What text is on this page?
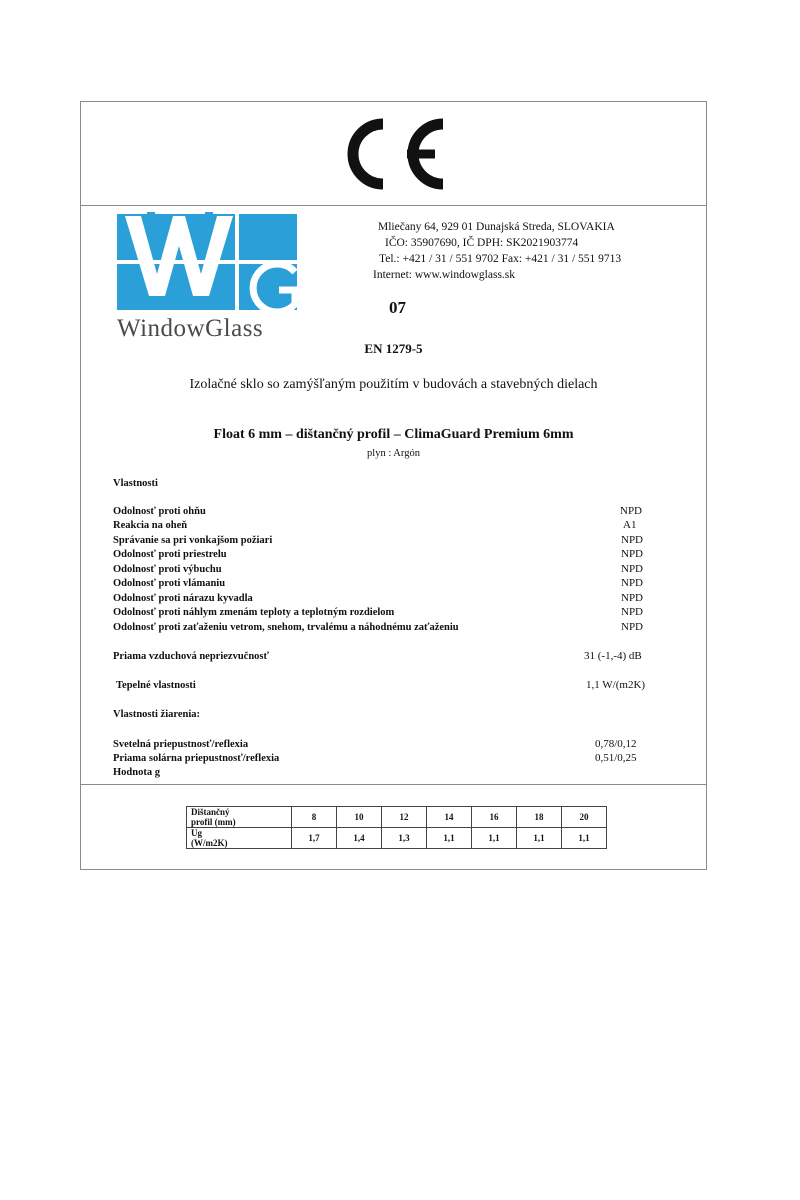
WindowGlass
Mliečany 64, 929 01 Dunajská Streda, SLOVAKIA
IČO: 35907690, IČ DPH: SK2021903774
Tel.: +421 / 31 / 551 9702 Fax: +421 / 31 / 551 9713
Internet: www.windowglass.sk
07
EN 1279-5
Izolačné sklo so zamýšľaným použitím v budovách a stavebných dielach
Float 6 mm – dištančný profil – ClimaGuard Premium 6mm
plyn : Argón
Vlastnosti
Odolnosť proti ohňu	NPD
Reakcia na oheň	A1
Správanie sa pri vonkajšom požiari	NPD
Odolnosť proti priestrelu	NPD
Odolnosť proti výbuchu	NPD
Odolnosť proti vlámaniu	NPD
Odolnosť proti nárazu kyvadla	NPD
Odolnosť proti náhlym zmenám teploty a teplotným rozdielom	NPD
Odolnosť proti zaťaženiu vetrom, snehom, trvalému a náhodnému zaťaženiu	NPD
Priama vzduchová nepriezvučnosť	31 (-1,-4) dB
Tepelné vlastnosti	1,1 W/(m2K)
Vlastnosti žiarenia:
Svetelná priepustnosť/reflexia	0,78/0,12
Priama solárna priepustnosť/reflexia	0,51/0,25
Hodnota g
Dištančný
profil (mm)	8	10	12	14	16	18	20
Ug
(W/m2K)	1,7	1,4	1,3	1,1	1,1	1,1	1,1
